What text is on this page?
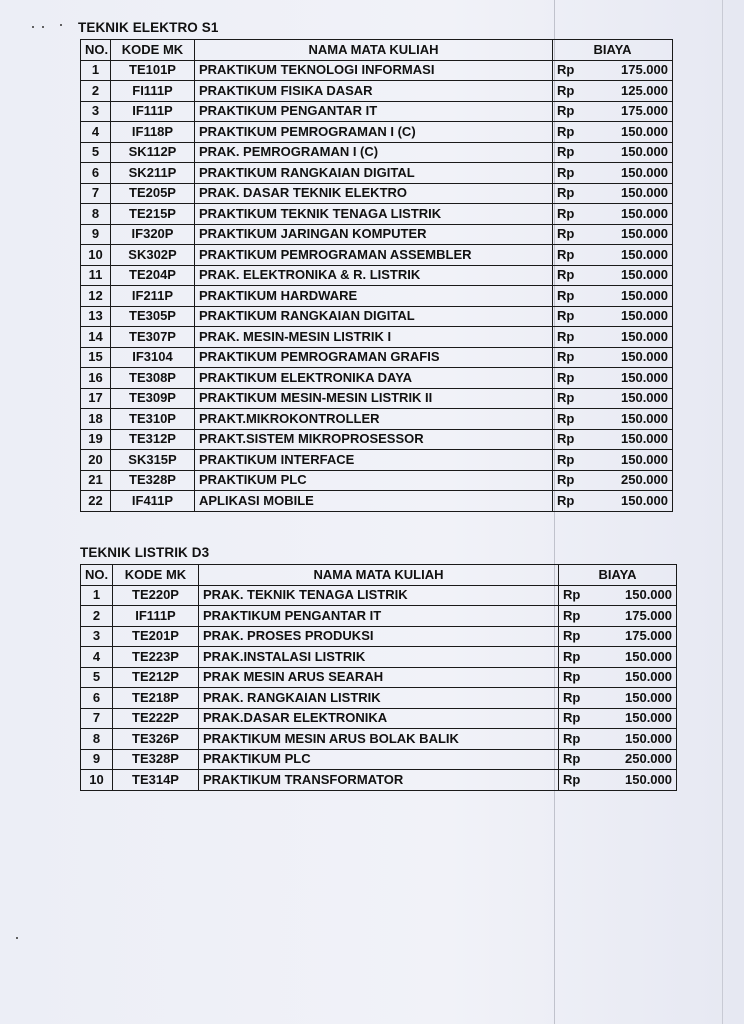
TEKNIK ELEKTRO S1
NO.	KODE MK	NAMA MATA KULIAH	BIAYA	
1	TE101P	PRAKTIKUM TEKNOLOGI INFORMASI	Rp	175.000
2	FI111P	PRAKTIKUM FISIKA DASAR	Rp	125.000
3	IF111P	PRAKTIKUM PENGANTAR IT	Rp	175.000
4	IF118P	PRAKTIKUM PEMROGRAMAN I (C)	Rp	150.000
5	SK112P	PRAK. PEMROGRAMAN I (C)	Rp	150.000
6	SK211P	PRAKTIKUM RANGKAIAN DIGITAL	Rp	150.000
7	TE205P	PRAK. DASAR TEKNIK ELEKTRO	Rp	150.000
8	TE215P	PRAKTIKUM TEKNIK TENAGA LISTRIK	Rp	150.000
9	IF320P	PRAKTIKUM JARINGAN KOMPUTER	Rp	150.000
10	SK302P	PRAKTIKUM PEMROGRAMAN ASSEMBLER	Rp	150.000
11	TE204P	PRAK. ELEKTRONIKA & R. LISTRIK	Rp	150.000
12	IF211P	PRAKTIKUM HARDWARE	Rp	150.000
13	TE305P	PRAKTIKUM RANGKAIAN DIGITAL	Rp	150.000
14	TE307P	PRAK. MESIN-MESIN LISTRIK I	Rp	150.000
15	IF3104	PRAKTIKUM PEMROGRAMAN GRAFIS	Rp	150.000
16	TE308P	PRAKTIKUM ELEKTRONIKA DAYA	Rp	150.000
17	TE309P	PRAKTIKUM MESIN-MESIN LISTRIK II	Rp	150.000
18	TE310P	PRAKT.MIKROKONTROLLER	Rp	150.000
19	TE312P	PRAKT.SISTEM MIKROPROSESSOR	Rp	150.000
20	SK315P	PRAKTIKUM INTERFACE	Rp	150.000
21	TE328P	PRAKTIKUM PLC	Rp	250.000
22	IF411P	APLIKASI MOBILE	Rp	150.000
TEKNIK LISTRIK D3
NO.	KODE MK	NAMA MATA KULIAH	BIAYA	
1	TE220P	PRAK. TEKNIK TENAGA LISTRIK	Rp	150.000
2	IF111P	PRAKTIKUM PENGANTAR IT	Rp	175.000
3	TE201P	PRAK. PROSES PRODUKSI	Rp	175.000
4	TE223P	PRAK.INSTALASI LISTRIK	Rp	150.000
5	TE212P	PRAK MESIN ARUS SEARAH	Rp	150.000
6	TE218P	PRAK. RANGKAIAN LISTRIK	Rp	150.000
7	TE222P	PRAK.DASAR ELEKTRONIKA	Rp	150.000
8	TE326P	PRAKTIKUM MESIN ARUS BOLAK BALIK	Rp	150.000
9	TE328P	PRAKTIKUM PLC	Rp	250.000
10	TE314P	PRAKTIKUM TRANSFORMATOR	Rp	150.000
